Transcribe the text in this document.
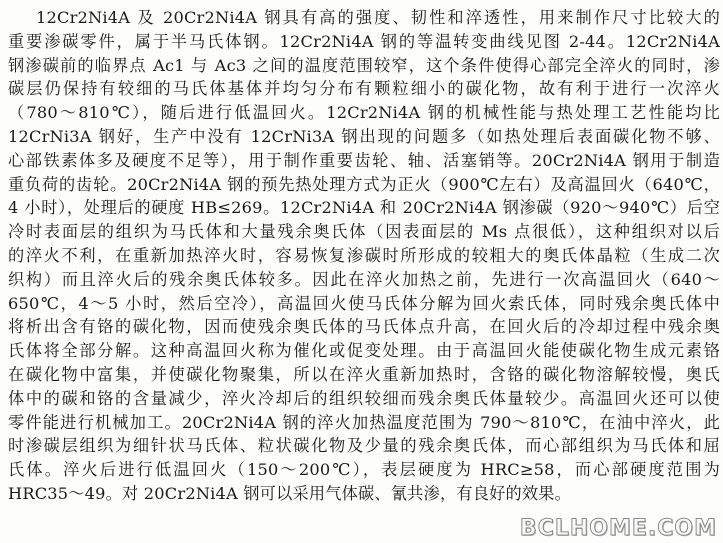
12Cr2Ni4A 及 20Cr2Ni4A 钢具有高的强度、韧性和淬透性，用来制作尺寸比较大的
重要渗碳零件，属于半马氏体钢。12Cr2Ni4A 钢的等温转变曲线见图 2-44。12Cr2Ni4A
钢渗碳前的临界点 Ac1 与 Ac3 之间的温度范围较窄，这个条件使得心部完全淬火的同时，渗
碳层仍保持有较细的马氏体基体并均匀分布有颗粒细小的碳化物，故有利于进行一次淬火
（780～810℃），随后进行低温回火。12Cr2Ni4A 钢的机械性能与热处理工艺性能均比
12CrNi3A 钢好，生产中没有 12CrNi3A 钢出现的问题多（如热处理后表面碳化物不够、
心部铁素体多及硬度不足等），用于制作重要齿轮、轴、活塞销等。20Cr2Ni4A 钢用于制造
重负荷的齿轮。20Cr2Ni4A 钢的预先热处理方式为正火（900℃左右）及高温回火（640℃，
4 小时），处理后的硬度 HB≤269。12Cr2Ni4A 和 20Cr2Ni4A 钢渗碳（920～940℃）后空
冷时表面层的组织为马氏体和大量残余奥氏体（因表面层的 Ms 点很低），这种组织对以后
的淬火不利，在重新加热淬火时，容易恢复渗碳时所形成的较粗大的奥氏体晶粒（生成二次
织构）而且淬火后的残余奥氏体较多。因此在淬火加热之前，先进行一次高温回火（640～
650℃，4～5 小时，然后空冷），高温回火使马氏体分解为回火索氏体，同时残余奥氏体中
将析出含有铬的碳化物，因而使残余奥氏体的马氏体点升高，在回火后的冷却过程中残余奥
氏体将全部分解。这种高温回火称为催化或促变处理。由于高温回火能使碳化物生成元素铬
在碳化物中富集，并使碳化物聚集，所以在淬火重新加热时，含铬的碳化物溶解较慢，奥氏
体中的碳和铬的含量减少，淬火冷却后的组织较细而残余奥氏体量较少。高温回火还可以使
零件能进行机械加工。20Cr2Ni4A 钢的淬火加热温度范围为 790～810℃，在油中淬火，此
时渗碳层组织为细针状马氏体、粒状碳化物及少量的残余奥氏体，而心部组织为马氏体和屈
氏体。淬火后进行低温回火（150～200℃），表层硬度为 HRC≥58，而心部硬度范围为
HRC35～49。对 20Cr2Ni4A 钢可以采用气体碳、氰共渗，有良好的效果。
BCLHOME.COM
